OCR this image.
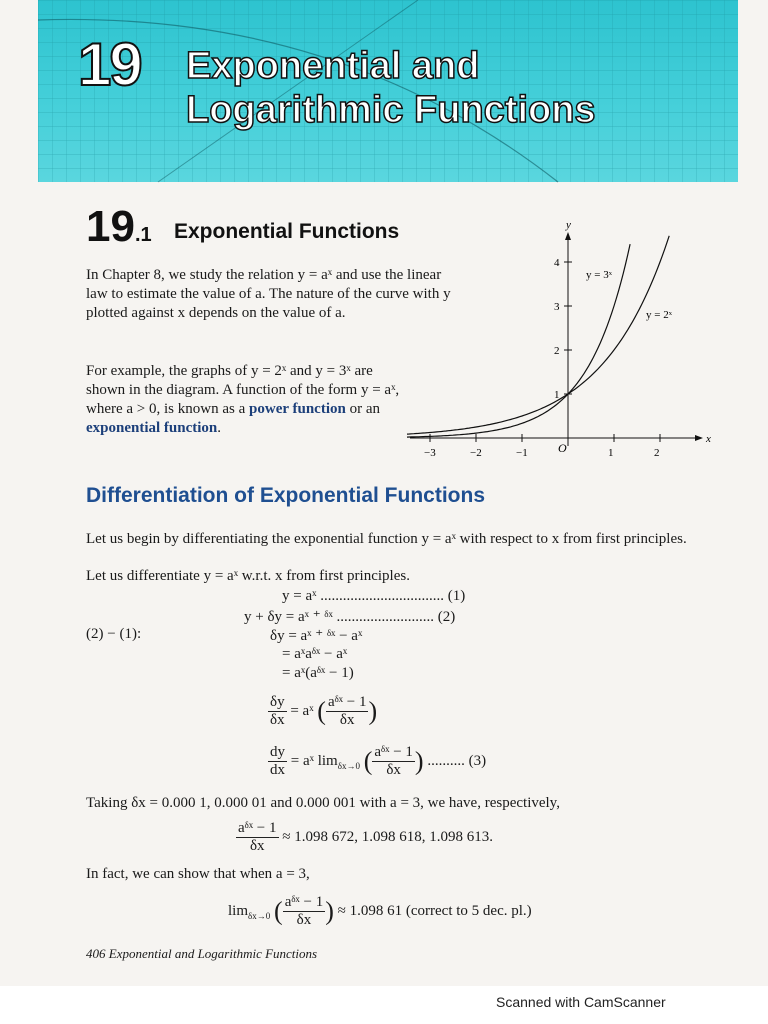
19 Exponential and
Logarithmic Functions
19.1 Exponential Functions
In Chapter 8, we study the relation y = aˣ and use the linear law to estimate the value of a. The nature of the curve with y plotted against x depends on the value of a.
For example, the graphs of y = 2ˣ and y = 3ˣ are shown in the diagram. A function of the form y = aˣ, where a > 0, is known as a power function or an exponential function.
x
y
O
−3	−2	−1	1	2
1
2
3
4
y = 3ˣ
y = 2ˣ
Differentiation of Exponential Functions
Let us begin by differentiating the exponential function y = aˣ with respect to x from first principles.
Let us differentiate y = aˣ w.r.t. x from first principles.
y = aˣ ................................. (1)
y + δy = aˣ ⁺ ᵟˣ .......................... (2)
(2) − (1):	δy = aˣ ⁺ ᵟˣ − aˣ
= aˣaᵟˣ − aˣ
= aˣ(aᵟˣ − 1)
$\frac{\delta y}{\delta x}$ = aˣ ( $\frac{\text{aᵟˣ − 1}}{\delta x}$ )
$\frac{dy}{dx}$ = aˣ $\lim_{\delta x\to 0}$ ( $\frac{\text{aᵟˣ − 1}}{\delta x}$ ) .......... (3)
Taking δx = 0.000 1, 0.000 01 and 0.000 001 with a = 3, we have, respectively,
$\frac{\text{aᵟˣ − 1}}{\delta x} \approx 1.098$ 672, 1.098 618, 1.098 613.
In fact, we can show that when a = 3,
$\lim_{\delta x\to 0}$ ( $\frac{\text{aᵟˣ − 1}}{\delta x}$ ) ≈ 1.098 61 (correct to 5 dec. pl.)
406 Exponential and Logarithmic Functions
Scanned with CamScanner
